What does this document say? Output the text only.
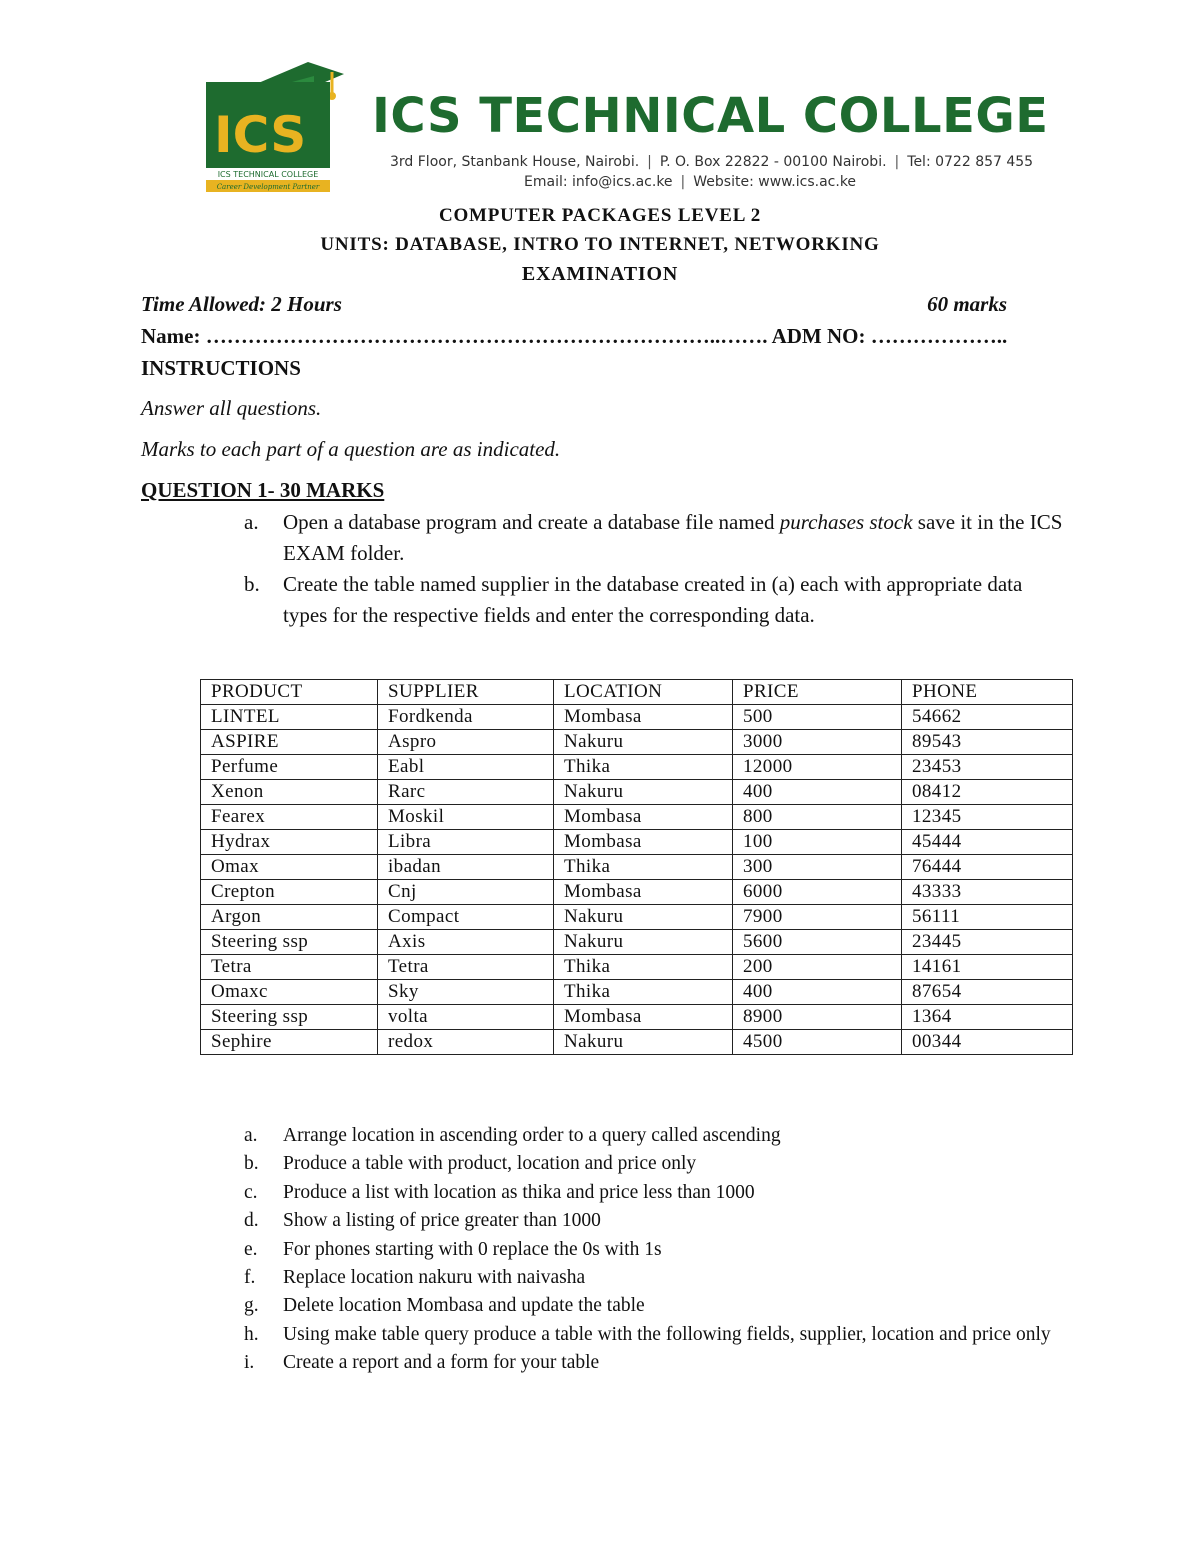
ICS
ICS TECHNICAL COLLEGE
Career Development Partner
ICS TECHNICAL COLLEGE
3rd Floor, Stanbank House, Nairobi. | P. O. Box 22822 - 00100 Nairobi. | Tel: 0722 857 455
Email: info@ics.ac.ke | Website: www.ics.ac.ke
COMPUTER PACKAGES LEVEL 2
UNITS: DATABASE, INTRO TO INTERNET, NETWORKING
EXAMINATION
Time Allowed: 2 Hours	60 marks
Name: ………………………………………………………………..……. ADM NO: ………………..
INSTRUCTIONS
Answer all questions.
Marks to each part of a question are as indicated.
QUESTION 1- 30 MARKS
a. Open a database program and create a database file named purchases stock save it in the ICS EXAM folder.
b. Create the table named supplier in the database created in (a) each with appropriate data types for the respective fields and enter the corresponding data.
PRODUCT	SUPPLIER	LOCATION	PRICE	PHONE
LINTEL	Fordkenda	Mombasa	500	54662
ASPIRE	Aspro	Nakuru	3000	89543
Perfume	Eabl	Thika	12000	23453
Xenon	Rarc	Nakuru	400	08412
Fearex	Moskil	Mombasa	800	12345
Hydrax	Libra	Mombasa	100	45444
Omax	ibadan	Thika	300	76444
Crepton	Cnj	Mombasa	6000	43333
Argon	Compact	Nakuru	7900	56111
Steering ssp	Axis	Nakuru	5600	23445
Tetra	Tetra	Thika	200	14161
Omaxc	Sky	Thika	400	87654
Steering ssp	volta	Mombasa	8900	1364
Sephire	redox	Nakuru	4500	00344
a. Arrange location in ascending order to a query called ascending
b. Produce a table with product, location and price only
c. Produce a list with location as thika and price less than 1000
d. Show a listing of price greater than 1000
e. For phones starting with 0 replace the 0s with 1s
f. Replace location nakuru with naivasha
g. Delete location Mombasa and update the table
h. Using make table query produce a table with the following fields, supplier, location and price only
i. Create a report and a form for your table
